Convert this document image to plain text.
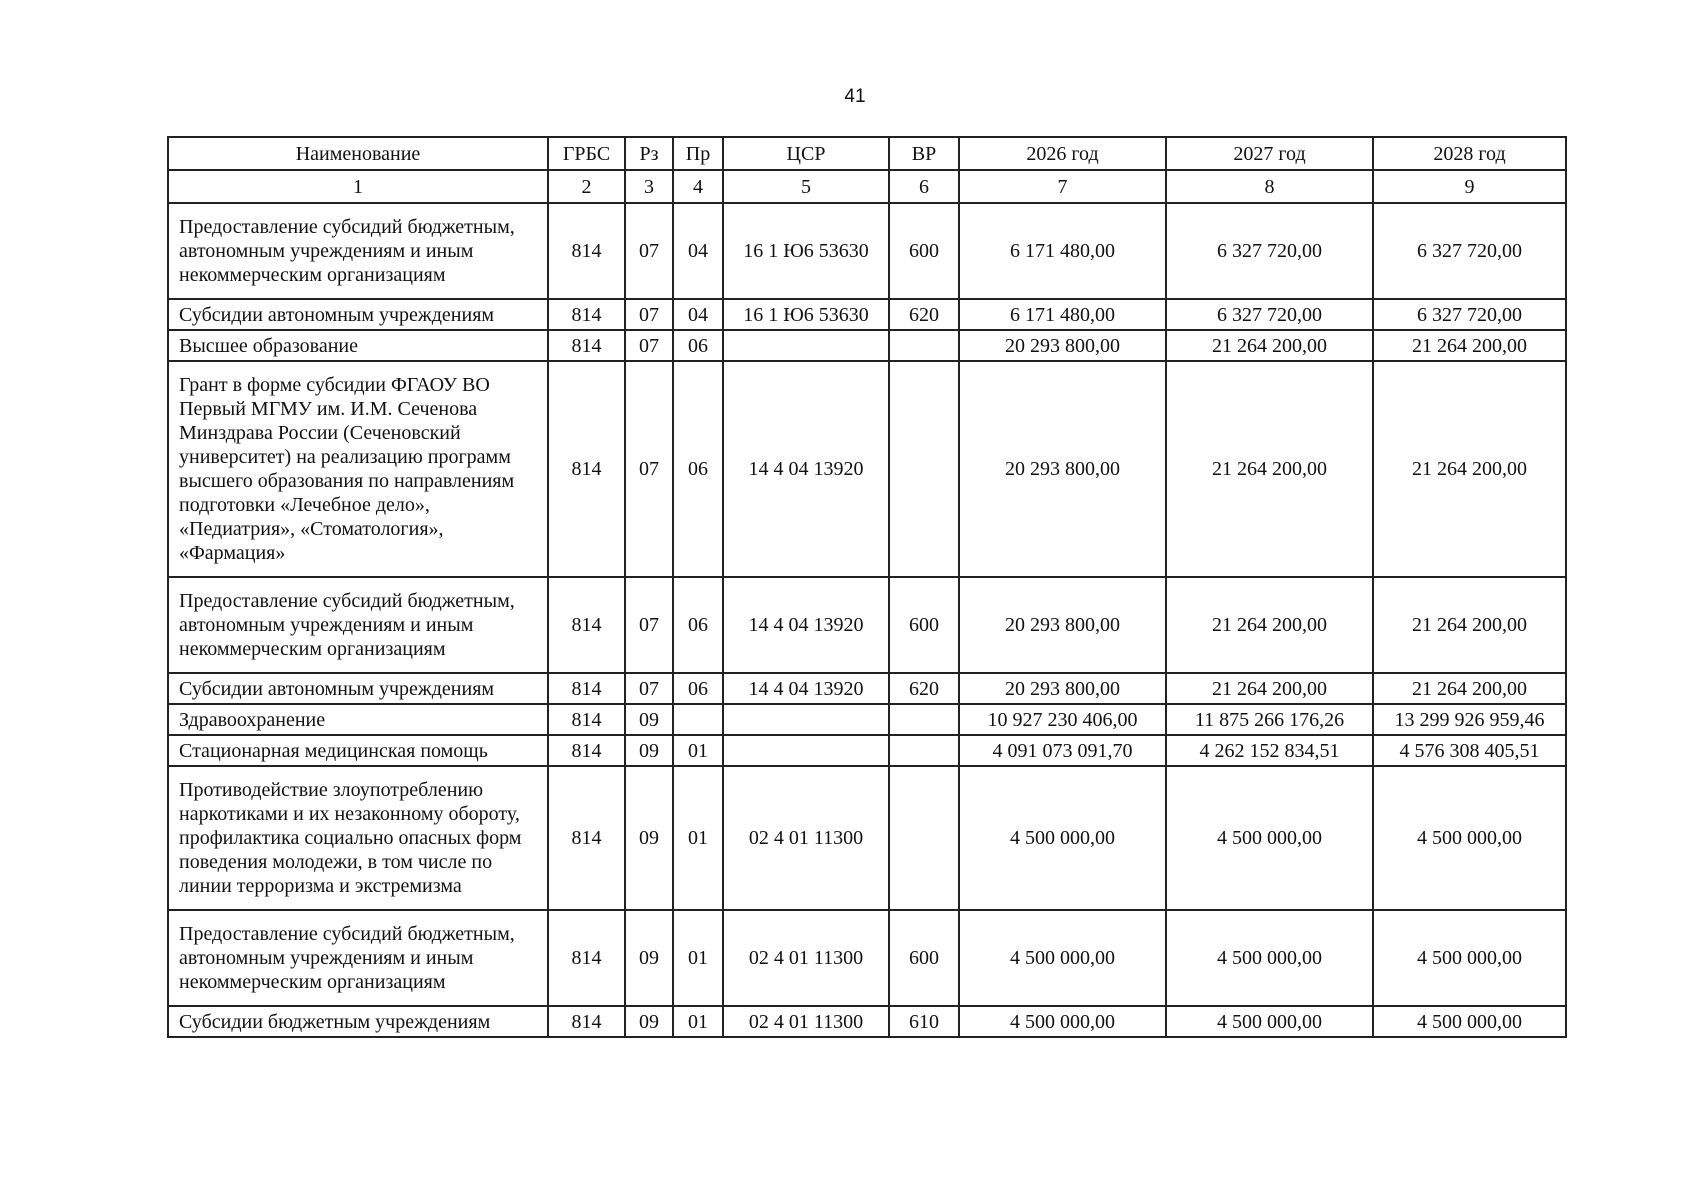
41
Наименование	ГРБС	Рз	Пр	ЦСР	ВР	2026 год	2027 год	2028 год
1	2	3	4	5	6	7	8	9
Предоставление субсидий бюджетным, автономным учреждениям и иным некоммерческим организациям	814	07	04	16 1 Ю6 53630	600	6 171 480,00	6 327 720,00	6 327 720,00
Субсидии автономным учреждениям	814	07	04	16 1 Ю6 53630	620	6 171 480,00	6 327 720,00	6 327 720,00
Высшее образование	814	07	06			20 293 800,00	21 264 200,00	21 264 200,00
Грант в форме субсидии ФГАОУ ВО Первый МГМУ им. И.М. Сеченова Минздрава России (Сеченовский университет) на реализацию программ высшего образования по направлениям подготовки «Лечебное дело», «Педиатрия», «Стоматология», «Фармация»	814	07	06	14 4 04 13920		20 293 800,00	21 264 200,00	21 264 200,00
Предоставление субсидий бюджетным, автономным учреждениям и иным некоммерческим организациям	814	07	06	14 4 04 13920	600	20 293 800,00	21 264 200,00	21 264 200,00
Субсидии автономным учреждениям	814	07	06	14 4 04 13920	620	20 293 800,00	21 264 200,00	21 264 200,00
Здравоохранение	814	09				10 927 230 406,00	11 875 266 176,26	13 299 926 959,46
Стационарная медицинская помощь	814	09	01			4 091 073 091,70	4 262 152 834,51	4 576 308 405,51
Противодействие злоупотреблению наркотиками и их незаконному обороту, профилактика социально опасных форм поведения молодежи, в том числе по линии терроризма и экстремизма	814	09	01	02 4 01 11300		4 500 000,00	4 500 000,00	4 500 000,00
Предоставление субсидий бюджетным, автономным учреждениям и иным некоммерческим организациям	814	09	01	02 4 01 11300	600	4 500 000,00	4 500 000,00	4 500 000,00
Субсидии бюджетным учреждениям	814	09	01	02 4 01 11300	610	4 500 000,00	4 500 000,00	4 500 000,00
